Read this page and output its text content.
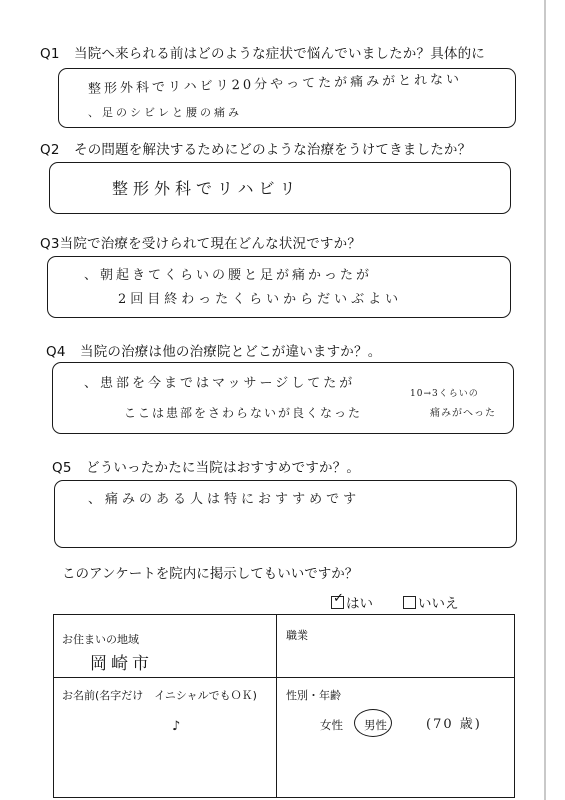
Q1 当院へ来られる前はどのような症状で悩んでいましたか？具体的に
整形外科でリハビリ20分やってたが痛みがとれない
、足のシビレと腰の痛み
Q2 その問題を解決するためにどのような治療をうけてきましたか？
整形外科でリハビリ
Q3当院で治療を受けられて現在どんな状況ですか？
、朝起きてくらいの腰と足が痛かったが
2回目終わったくらいからだいぶよい
Q4 当院の治療は他の治療院とどこが違いますか？。
、患部を今まではマッサージしてたが
ここは患部をさわらないが良くなった
10→3くらいの
痛みがへった
Q5 どういったかたに当院はおすすめですか？。
、痛みのある人は特におすすめです
このアンケートを院内に掲示してもいいですか？
✓ はい	いいえ
お住まいの地域
岡崎市
職業
お名前(名字だけ　イニシャルでもＯＫ)
♪
性別・年齢
女性 男性	(70 歳)
